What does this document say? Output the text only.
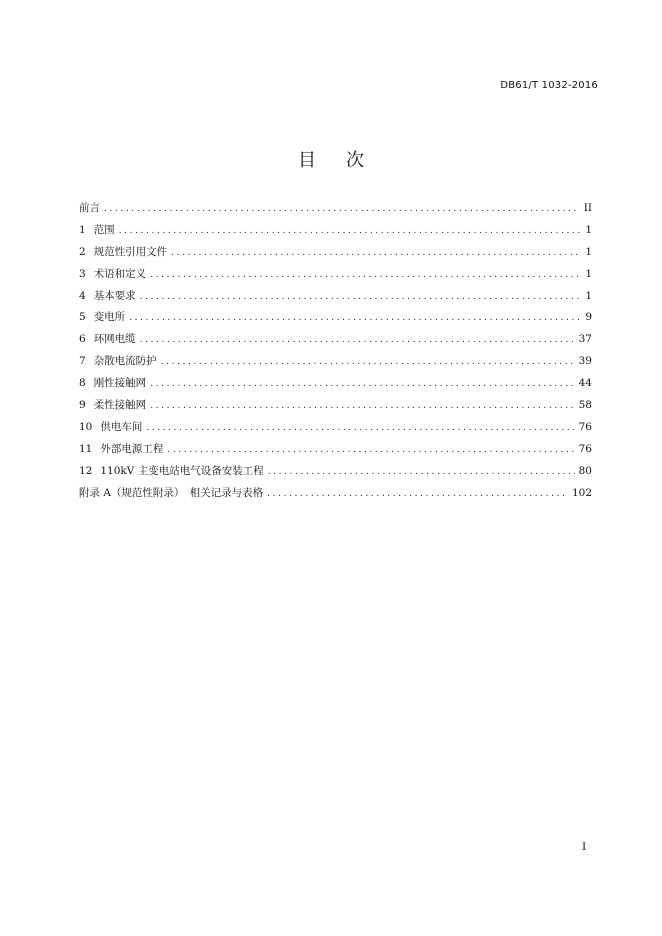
DB61/T 1032-2016
目次
前言 .....	II
1 范围 .....	1
2 规范性引用文件 .....	1
3 术语和定义 .....	1
4 基本要求 .....	1
5 变电所 .....	9
6 环网电缆 .....	37
7 杂散电流防护 .....	39
8 刚性接触网 .....	44
9 柔性接触网 .....	58
10 供电车间 .....	76
11 外部电源工程 .....	76
12 110kV 主变电站电气设备安装工程 .....	80
附录 A（规范性附录）　相关记录与表格 .....	102
I
